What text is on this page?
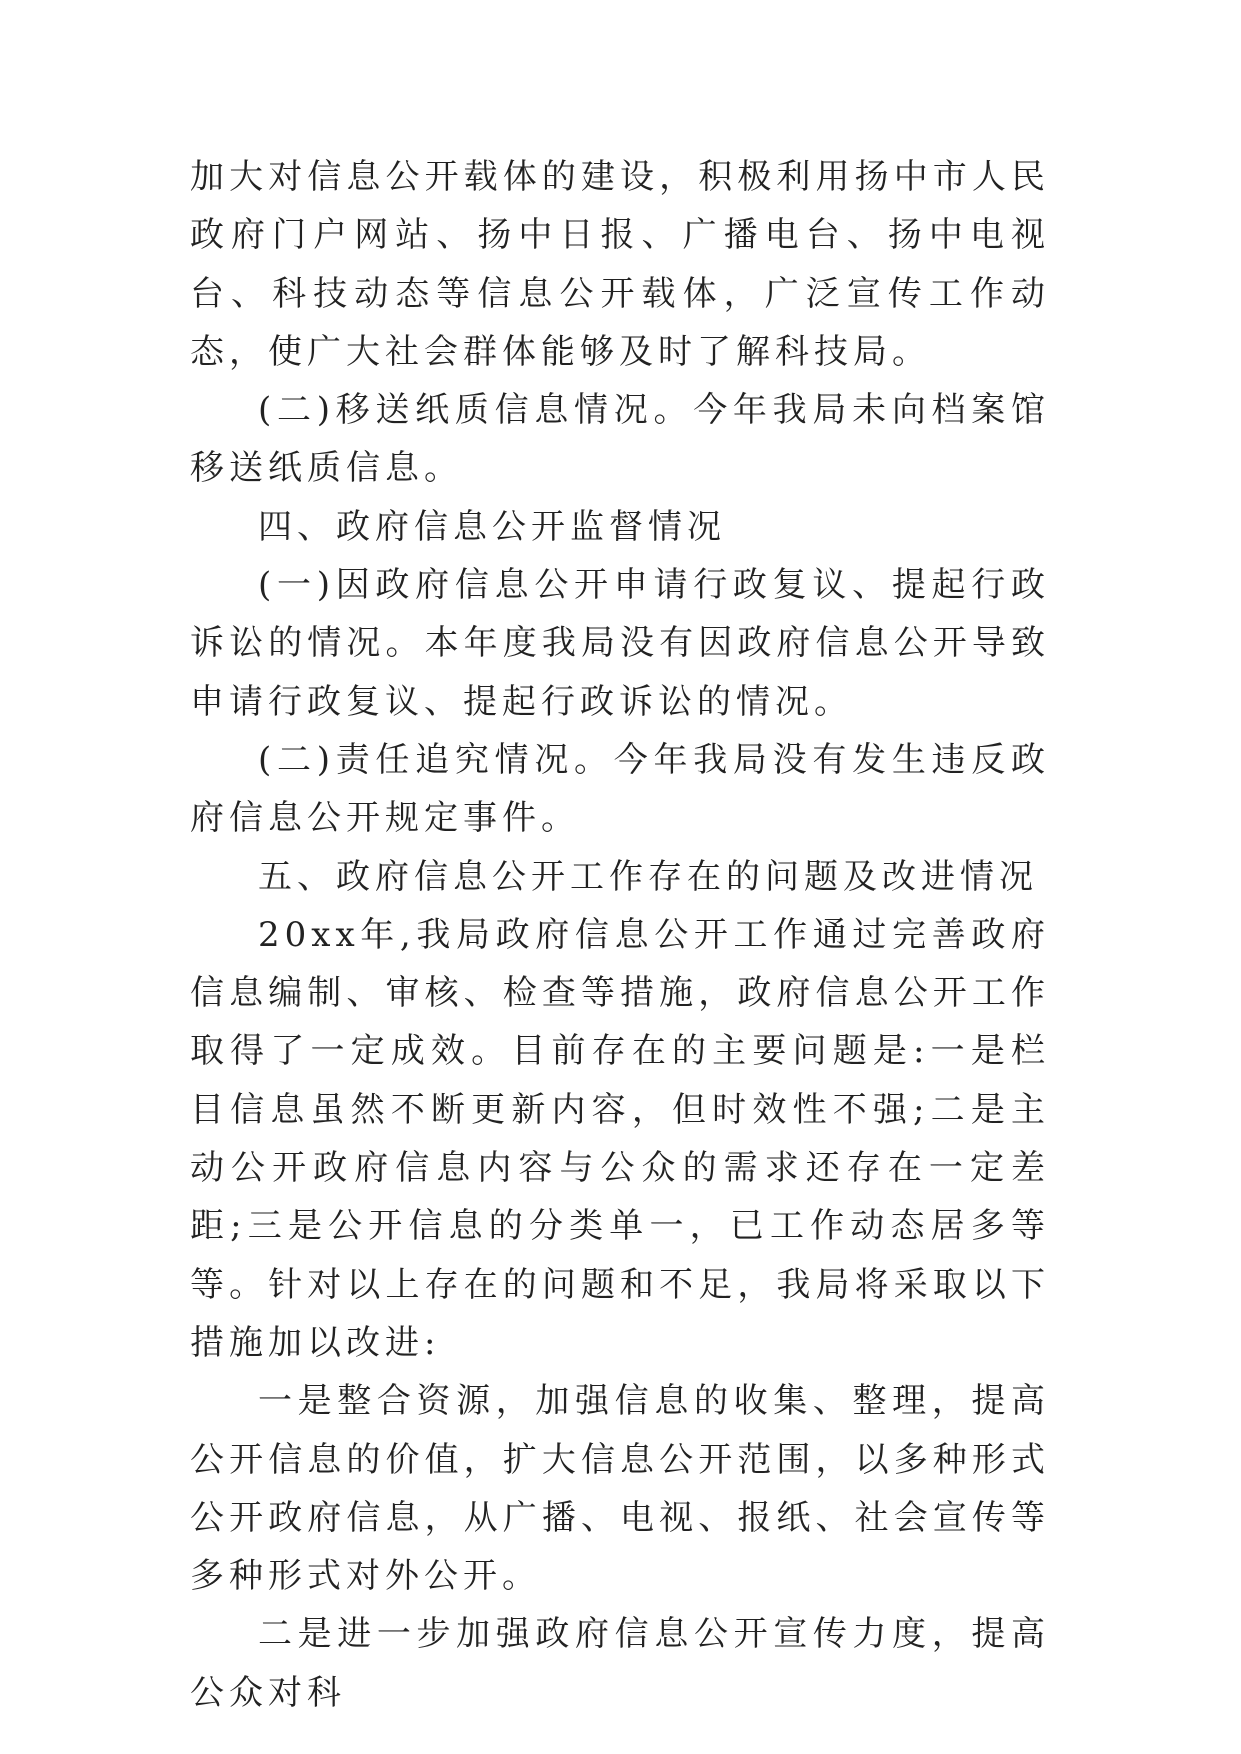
加大对信息公开载体的建设，积极利用扬中市人民政府门户网站、扬中日报、广播电台、扬中电视台、科技动态等信息公开载体，广泛宣传工作动态，使广大社会群体能够及时了解科技局。

(二)移送纸质信息情况。今年我局未向档案馆移送纸质信息。

四、政府信息公开监督情况

(一)因政府信息公开申请行政复议、提起行政诉讼的情况。本年度我局没有因政府信息公开导致申请行政复议、提起行政诉讼的情况。

(二)责任追究情况。今年我局没有发生违反政府信息公开规定事件。

五、政府信息公开工作存在的问题及改进情况

20xx年,我局政府信息公开工作通过完善政府信息编制、审核、检查等措施，政府信息公开工作取得了一定成效。目前存在的主要问题是:一是栏目信息虽然不断更新内容，但时效性不强;二是主动公开政府信息内容与公众的需求还存在一定差距;三是公开信息的分类单一，已工作动态居多等等。针对以上存在的问题和不足，我局将采取以下措施加以改进:

一是整合资源，加强信息的收集、整理，提高公开信息的价值，扩大信息公开范围，以多种形式公开政府信息，从广播、电视、报纸、社会宣传等多种形式对外公开。

二是进一步加强政府信息公开宣传力度，提高公众对科
